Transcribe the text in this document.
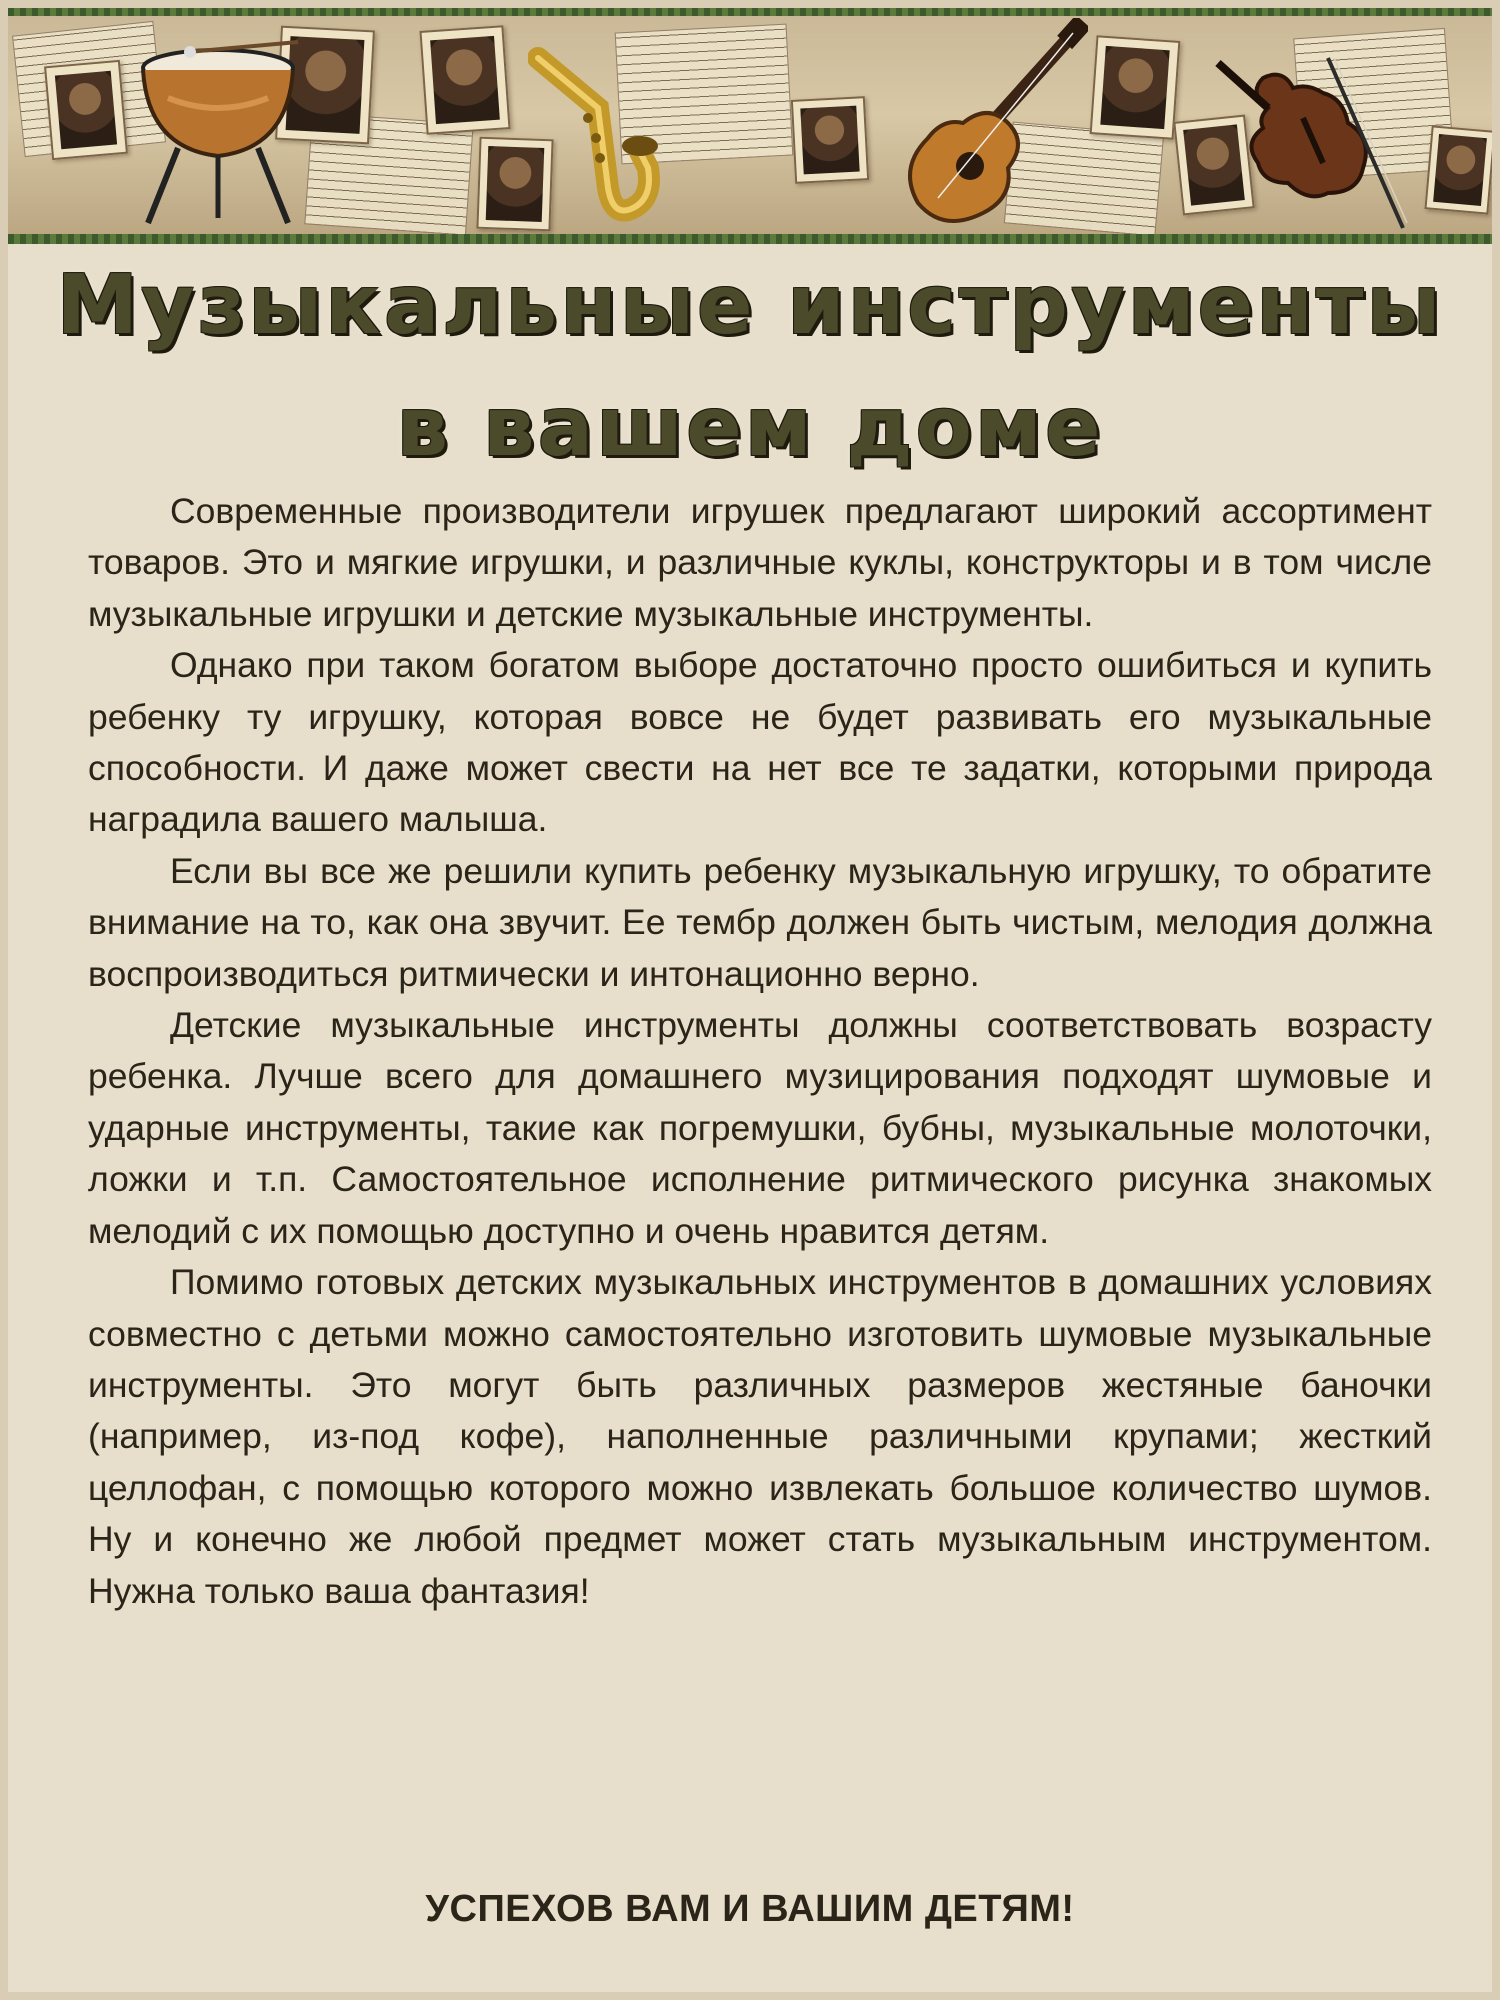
Музыкальные инструменты
в вашем доме

Современные производители игрушек предлагают широкий ассортимент товаров. Это и мягкие игрушки, и различные куклы, конструкторы и в том числе музыкальные игрушки и детские музыкальные инструменты.

Однако при таком богатом выборе достаточно просто ошибиться и купить ребенку ту игрушку, которая вовсе не будет развивать его музыкальные способности. И даже может свести на нет все те задатки, которыми природа наградила вашего малыша.

Если вы все же решили купить ребенку музыкальную игрушку, то обратите внимание на то, как она звучит. Ее тембр должен быть чистым, мелодия должна воспроизводиться ритмически и интонационно верно.

Детские музыкальные инструменты должны соответствовать возрасту ребенка. Лучше всего для домашнего музицирования подходят шумовые и ударные инструменты, такие как погремушки, бубны, музыкальные молоточки, ложки и т.п. Самостоятельное исполнение ритмического рисунка знакомых мелодий с их помощью доступно и очень нравится детям.

Помимо готовых детских музыкальных инструментов в домашних условиях совместно с детьми можно самостоятельно изготовить шумовые музыкальные инструменты. Это могут быть различных размеров жестяные баночки (например, из-под кофе), наполненные различными крупами; жесткий целлофан, с помощью которого можно извлекать большое количество шумов. Ну и конечно же любой предмет может стать музыкальным инструментом. Нужна только ваша фантазия!

УСПЕХОВ ВАМ И ВАШИМ ДЕТЯМ!
